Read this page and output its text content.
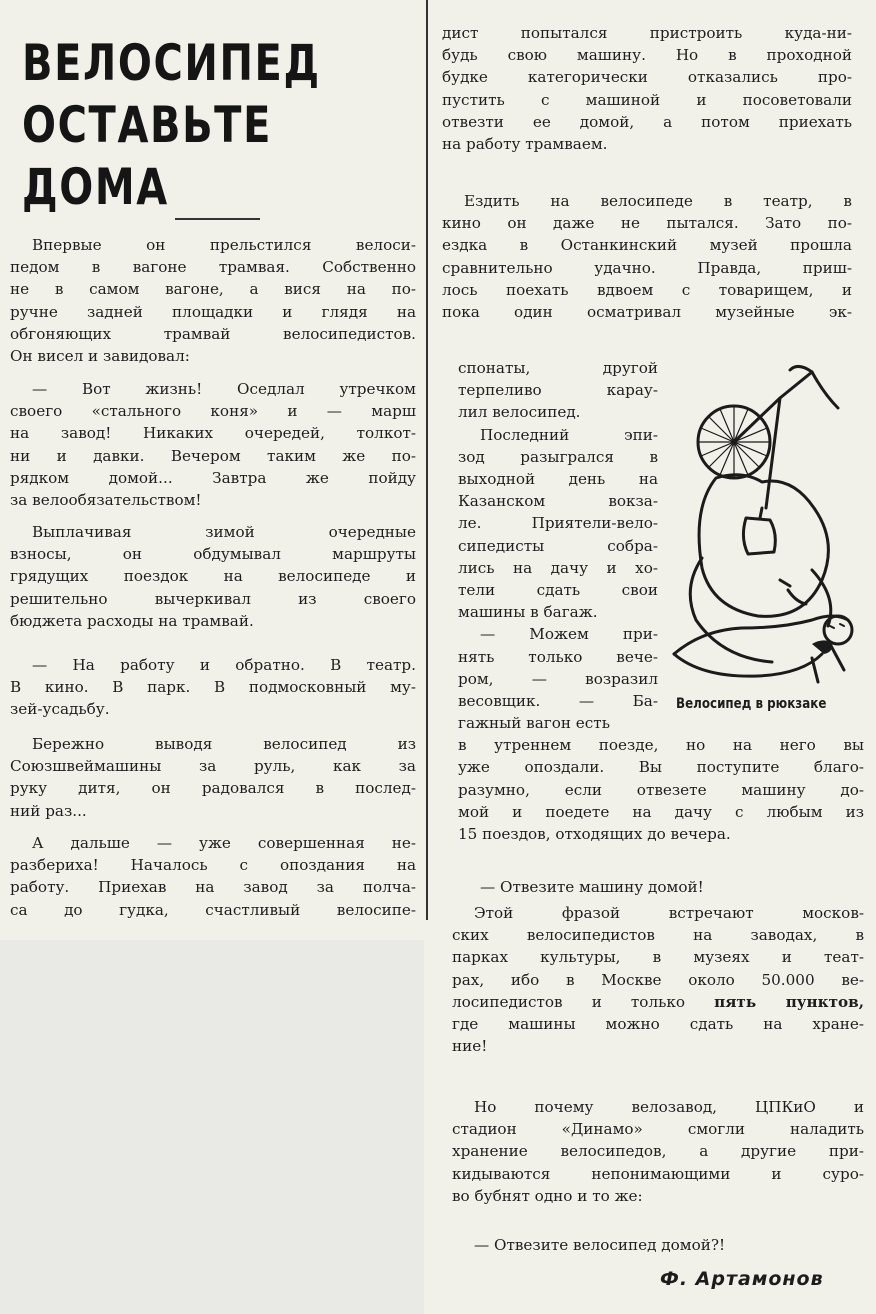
ВЕЛОСИПЕД
ОСТАВЬТЕ
ДОМА

Впервые он прельстился велоси-
педом в вагоне трамвая. Собственно
не в самом вагоне, а вися на по-
ручне задней площадки и глядя на
обгоняющих трамвай велосипедистов.
Он висел и завидовал:

— Вот жизнь! Оседлал утречком
своего «стального коня» и — марш
на завод! Никаких очередей, толкот-
ни и давки. Вечером таким же по-
рядком домой... Завтра же пойду
за велообязательством!

Выплачивая зимой очередные
взносы, он обдумывал маршруты
грядущих поездок на велосипеде и
решительно вычеркивал из своего
бюджета расходы на трамвай.

— На работу и обратно. В театр.
В кино. В парк. В подмосковный му-
зей-усадьбу.

Бережно выводя велосипед из
Союзшвеймашины за руль, как за
руку дитя, он радовался в послед-
ний раз...

А дальше — уже совершенная не-
разбериха! Началось с опоздания на
работу. Приехав на завод за полча-
са до гудка, счастливый велосипе-

дист попытался пристроить куда-ни-
будь свою машину. Но в проходной
будке категорически отказались про-
пустить с машиной и посоветовали
отвезти ее домой, а потом приехать
на работу трамваем.

Ездить на велосипеде в театр, в
кино он даже не пытался. Зато по-
ездка в Останкинский музей прошла
сравнительно удачно. Правда, приш-
лось поехать вдвоем с товарищем, и
пока один осматривал музейные эк-

спонаты, другой
терпеливо карау-
лил велосипед.
Последний эпи-
зод разыгрался в
выходной день на
Казанском вокза-
ле. Приятели-вело-
сипедисты собра-
лись на дачу и хо-
тели сдать свои
машины в багаж.
— Можем при-
нять только вече-
ром, — возразил
весовщик. — Ба-

гажный вагон есть
в утреннем поезде, но на него вы
уже опоздали. Вы поступите благо-
разумно, если отвезете машину до-
мой и поедете на дачу с любым из
15 поездов, отходящих до вечера.

— Отвезите машину домой!

Этой фразой встречают москов-
ских велосипедистов на заводах, в
парках культуры, в музеях и теат-
рах, ибо в Москве около 50.000 ве-
лосипедистов и только пять пунктов,
где машины можно сдать на хране-
ние!

Но почему велозавод, ЦПКиО и
стадион «Динамо» смогли наладить
хранение велосипедов, а другие при-
кидываются непонимающими и суро-
во бубнят одно и то же:

— Отвезите велосипед домой?!

Велосипед в рюкзаке

Ф. Артамонов
